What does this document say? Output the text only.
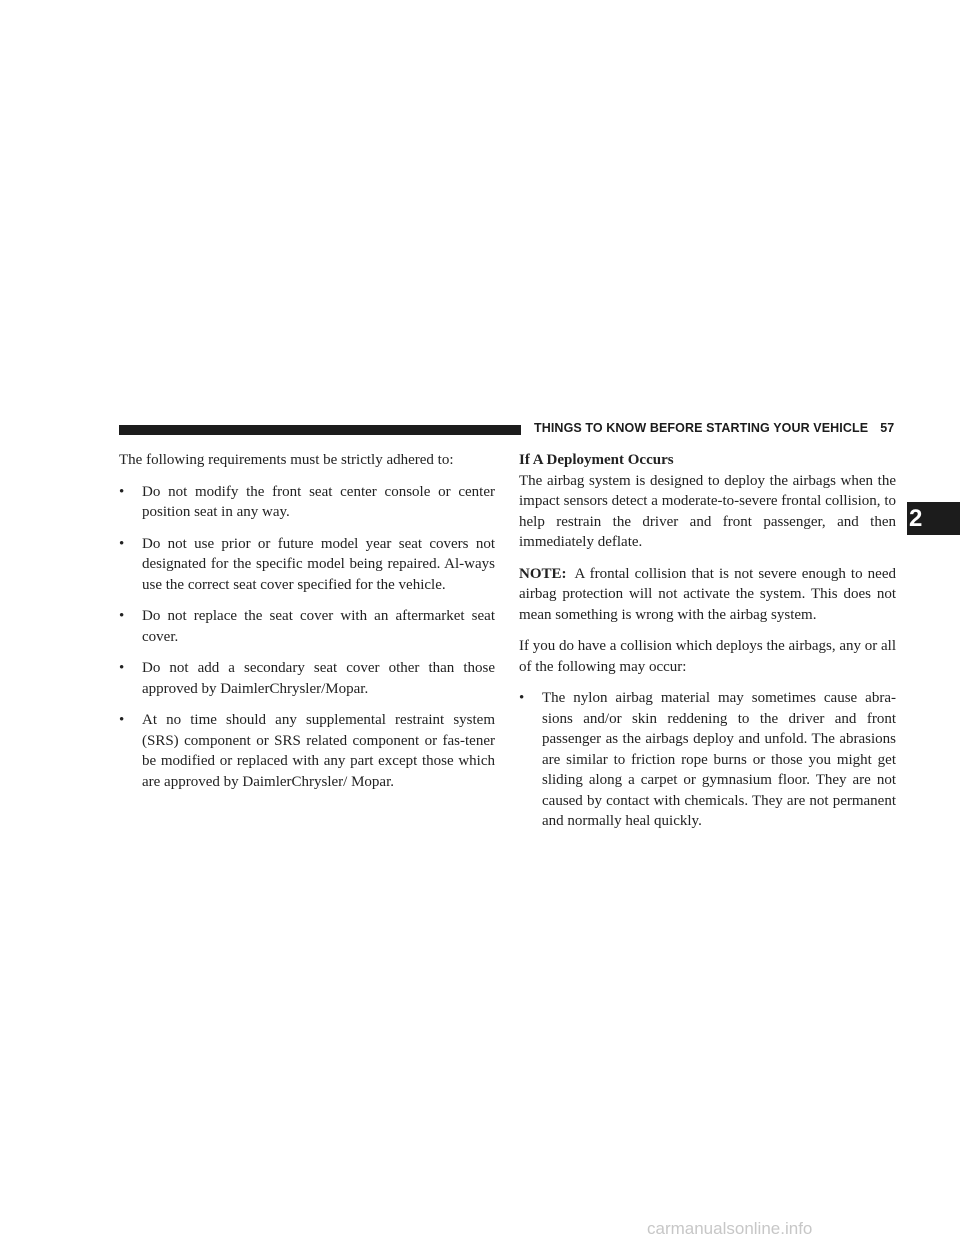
THINGS TO KNOW BEFORE STARTING YOUR VEHICLE 57
2

The following requirements must be strictly adhered to:

• Do not modify the front seat center console or center position seat in any way.
• Do not use prior or future model year seat covers not designated for the specific model being repaired. Al-ways use the correct seat cover specified for the vehicle.
• Do not replace the seat cover with an aftermarket seat cover.
• Do not add a secondary seat cover other than those approved by DaimlerChrysler/Mopar.
• At no time should any supplemental restraint system (SRS) component or SRS related component or fas-tener be modified or replaced with any part except those which are approved by DaimlerChrysler/ Mopar.
If A Deployment Occurs

The airbag system is designed to deploy the airbags when the impact sensors detect a moderate-to-severe frontal collision, to help restrain the driver and front passenger, and then immediately deflate.

NOTE: A frontal collision that is not severe enough to need airbag protection will not activate the system. This does not mean something is wrong with the airbag system.

If you do have a collision which deploys the airbags, any or all of the following may occur:

• The nylon airbag material may sometimes cause abra-sions and/or skin reddening to the driver and front passenger as the airbags deploy and unfold. The abrasions are similar to friction rope burns or those you might get sliding along a carpet or gymnasium floor. They are not caused by contact with chemicals. They are not permanent and normally heal quickly.
carmanualsonline.info
